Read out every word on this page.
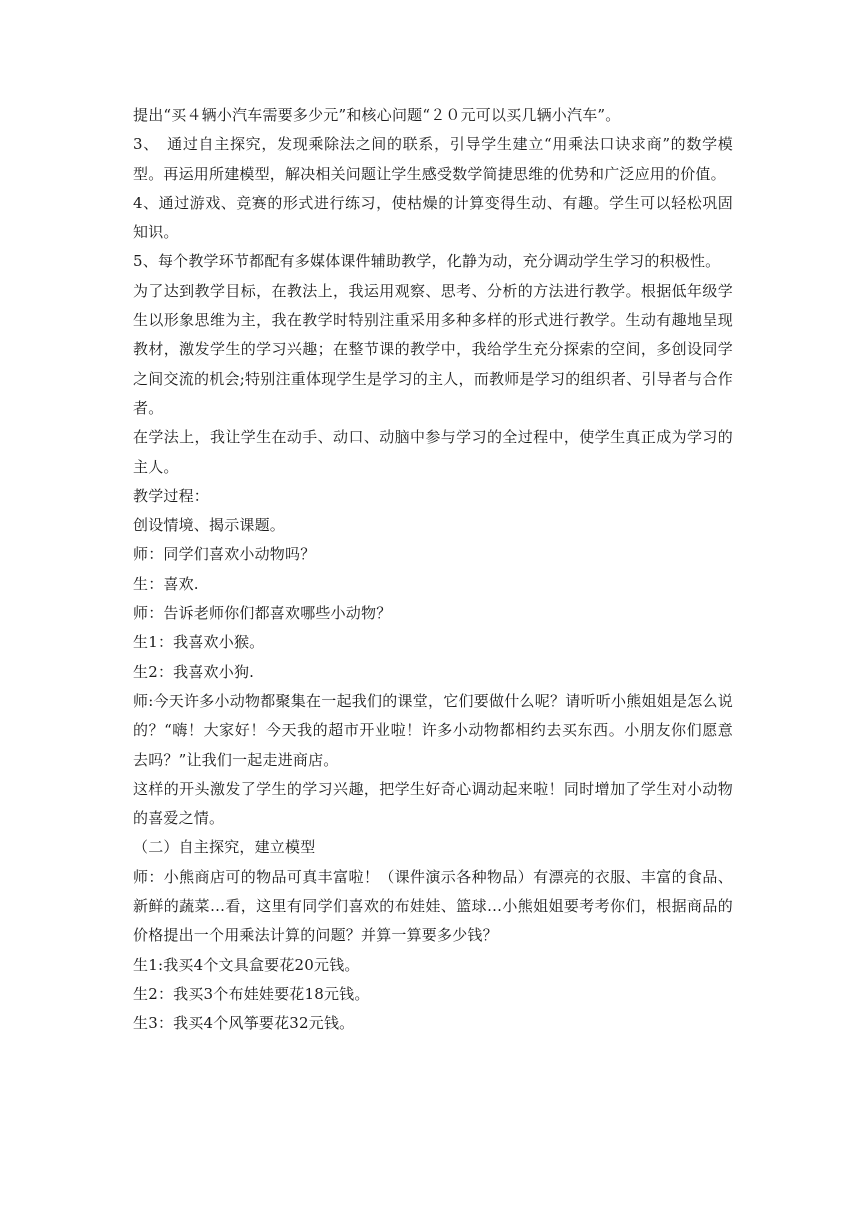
提出“买４辆小汽车需要多少元”和核心问题“２０元可以买几辆小汽车”。

3、　通过自主探究，发现乘除法之间的联系，引导学生建立“用乘法口诀求商”的数学模型。再运用所建模型，解决相关问题让学生感受数学简捷思维的优势和广泛应用的价值。

4、通过游戏、竞赛的形式进行练习，使枯燥的计算变得生动、有趣。学生可以轻松巩固知识。

5、每个教学环节都配有多媒体课件辅助教学，化静为动，充分调动学生学习的积极性。

为了达到教学目标，在教法上，我运用观察、思考、分析的方法进行教学。根据低年级学生以形象思维为主，我在教学时特别注重采用多种多样的形式进行教学。生动有趣地呈现教材，激发学生的学习兴趣；在整节课的教学中，我给学生充分探索的空间，多创设同学之间交流的机会;特别注重体现学生是学习的主人，而教师是学习的组织者、引导者与合作者。

在学法上，我让学生在动手、动口、动脑中参与学习的全过程中，使学生真正成为学习的主人。

教学过程：

创设情境、揭示课题。

师：同学们喜欢小动物吗？

生：喜欢.

师：告诉老师你们都喜欢哪些小动物？

生1：我喜欢小猴。

生2：我喜欢小狗.

师:今天许多小动物都聚集在一起我们的课堂，它们要做什么呢？请听听小熊姐姐是怎么说的？“嗨！大家好！今天我的超市开业啦！许多小动物都相约去买东西。小朋友你们愿意去吗？”让我们一起走进商店。

这样的开头激发了学生的学习兴趣，把学生好奇心调动起来啦！同时增加了学生对小动物的喜爱之情。

（二）自主探究，建立模型

师：小熊商店可的物品可真丰富啦！（课件演示各种物品）有漂亮的衣服、丰富的食品、新鲜的蔬菜…看，这里有同学们喜欢的布娃娃、篮球…小熊姐姐要考考你们，根据商品的价格提出一个用乘法计算的问题？并算一算要多少钱？

生1:我买4个文具盒要花20元钱。

生2：我买3个布娃娃要花18元钱。

生3：我买4个风筝要花32元钱。
